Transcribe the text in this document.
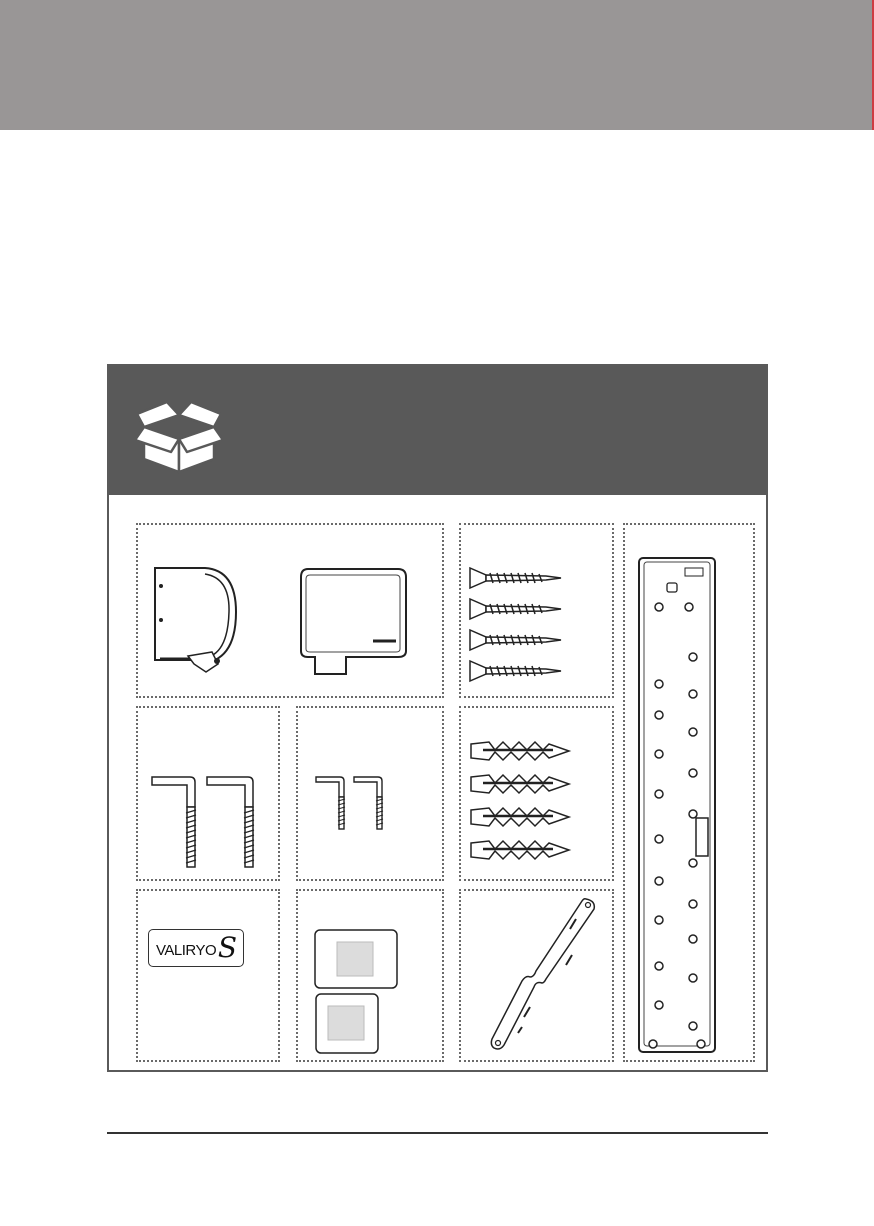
VALIRYO S
